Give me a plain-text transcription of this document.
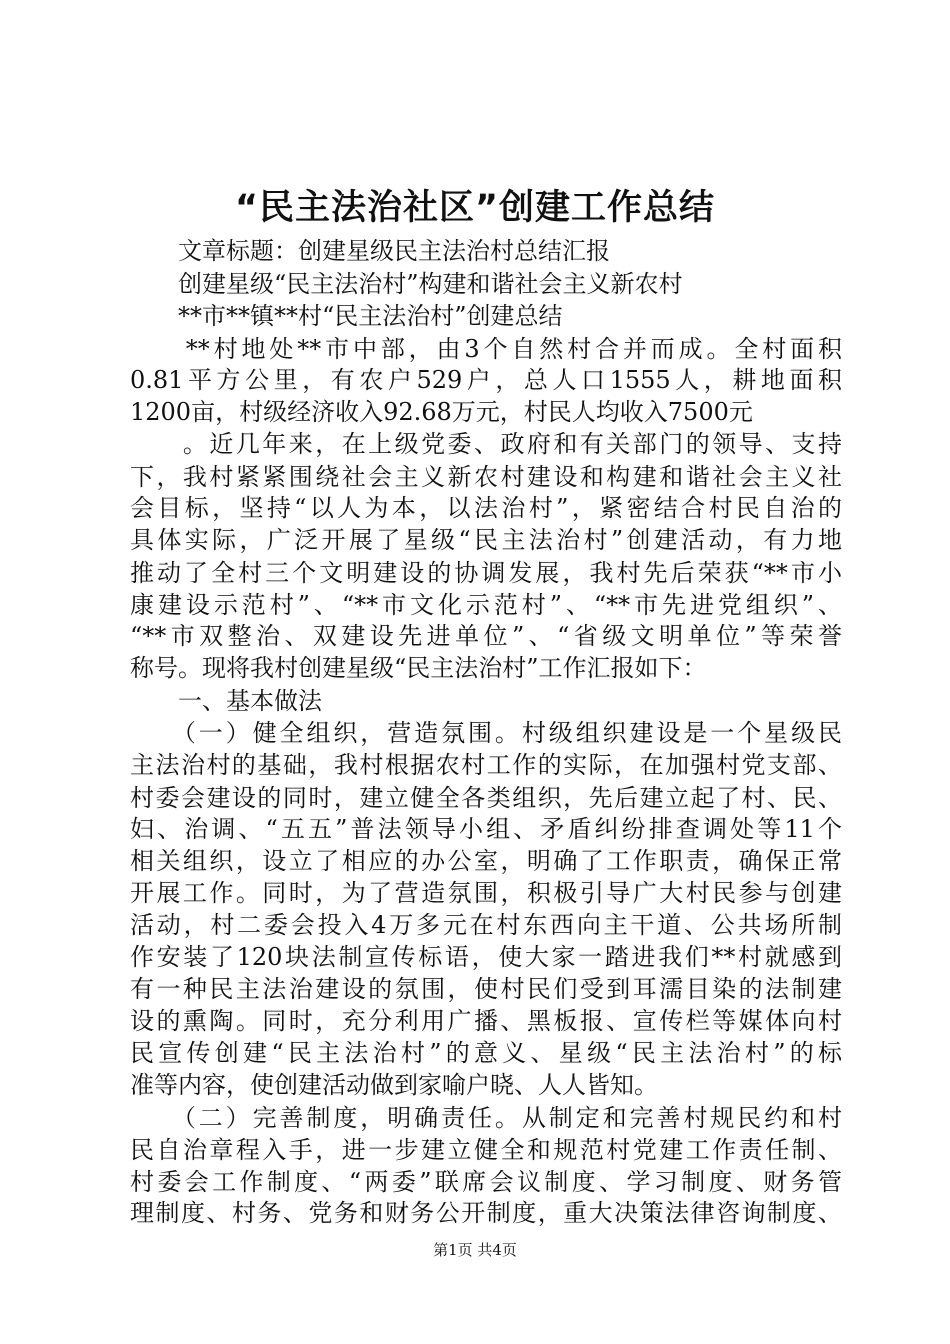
“民主法治社区”创建工作总结
　　文章标题：创建星级民主法治村总结汇报
　　创建星级“民主法治村”构建和谐社会主义新农村
　　**市**镇**村“民主法治村”创建总结
　　**村地处**市中部，由3个自然村合并而成。全村面积
0.81平方公里，有农户529户，总人口1555人，耕地面积
1200亩，村级经济收入92.68万元，村民人均收入7500元
　　。近几年来，在上级党委、政府和有关部门的领导、支持
下，我村紧紧围绕社会主义新农村建设和构建和谐社会主义社
会目标，坚持“以人为本，以法治村”，紧密结合村民自治的
具体实际，广泛开展了星级“民主法治村”创建活动，有力地
推动了全村三个文明建设的协调发展，我村先后荣获“**市小
康建设示范村”、“**市文化示范村”、“**市先进党组织”、
“**市双整治、双建设先进单位”、“省级文明单位”等荣誉
称号。现将我村创建星级“民主法治村”工作汇报如下：
　　一、基本做法
　　（一）健全组织，营造氛围。村级组织建设是一个星级民
主法治村的基础，我村根据农村工作的实际，在加强村党支部、
村委会建设的同时，建立健全各类组织，先后建立起了村、民、
妇、治调、“五五”普法领导小组、矛盾纠纷排查调处等11个
相关组织，设立了相应的办公室，明确了工作职责，确保正常
开展工作。同时，为了营造氛围，积极引导广大村民参与创建
活动，村二委会投入4万多元在村东西向主干道、公共场所制
作安装了120块法制宣传标语，使大家一踏进我们**村就感到
有一种民主法治建设的氛围，使村民们受到耳濡目染的法制建
设的熏陶。同时，充分利用广播、黑板报、宣传栏等媒体向村
民宣传创建“民主法治村”的意义、星级“民主法治村”的标
准等内容，使创建活动做到家喻户晓、人人皆知。
　　（二）完善制度，明确责任。从制定和完善村规民约和村
民自治章程入手，进一步建立健全和规范村党建工作责任制、
村委会工作制度、“两委”联席会议制度、学习制度、财务管
理制度、村务、党务和财务公开制度，重大决策法律咨询制度、
第1页 共4页
